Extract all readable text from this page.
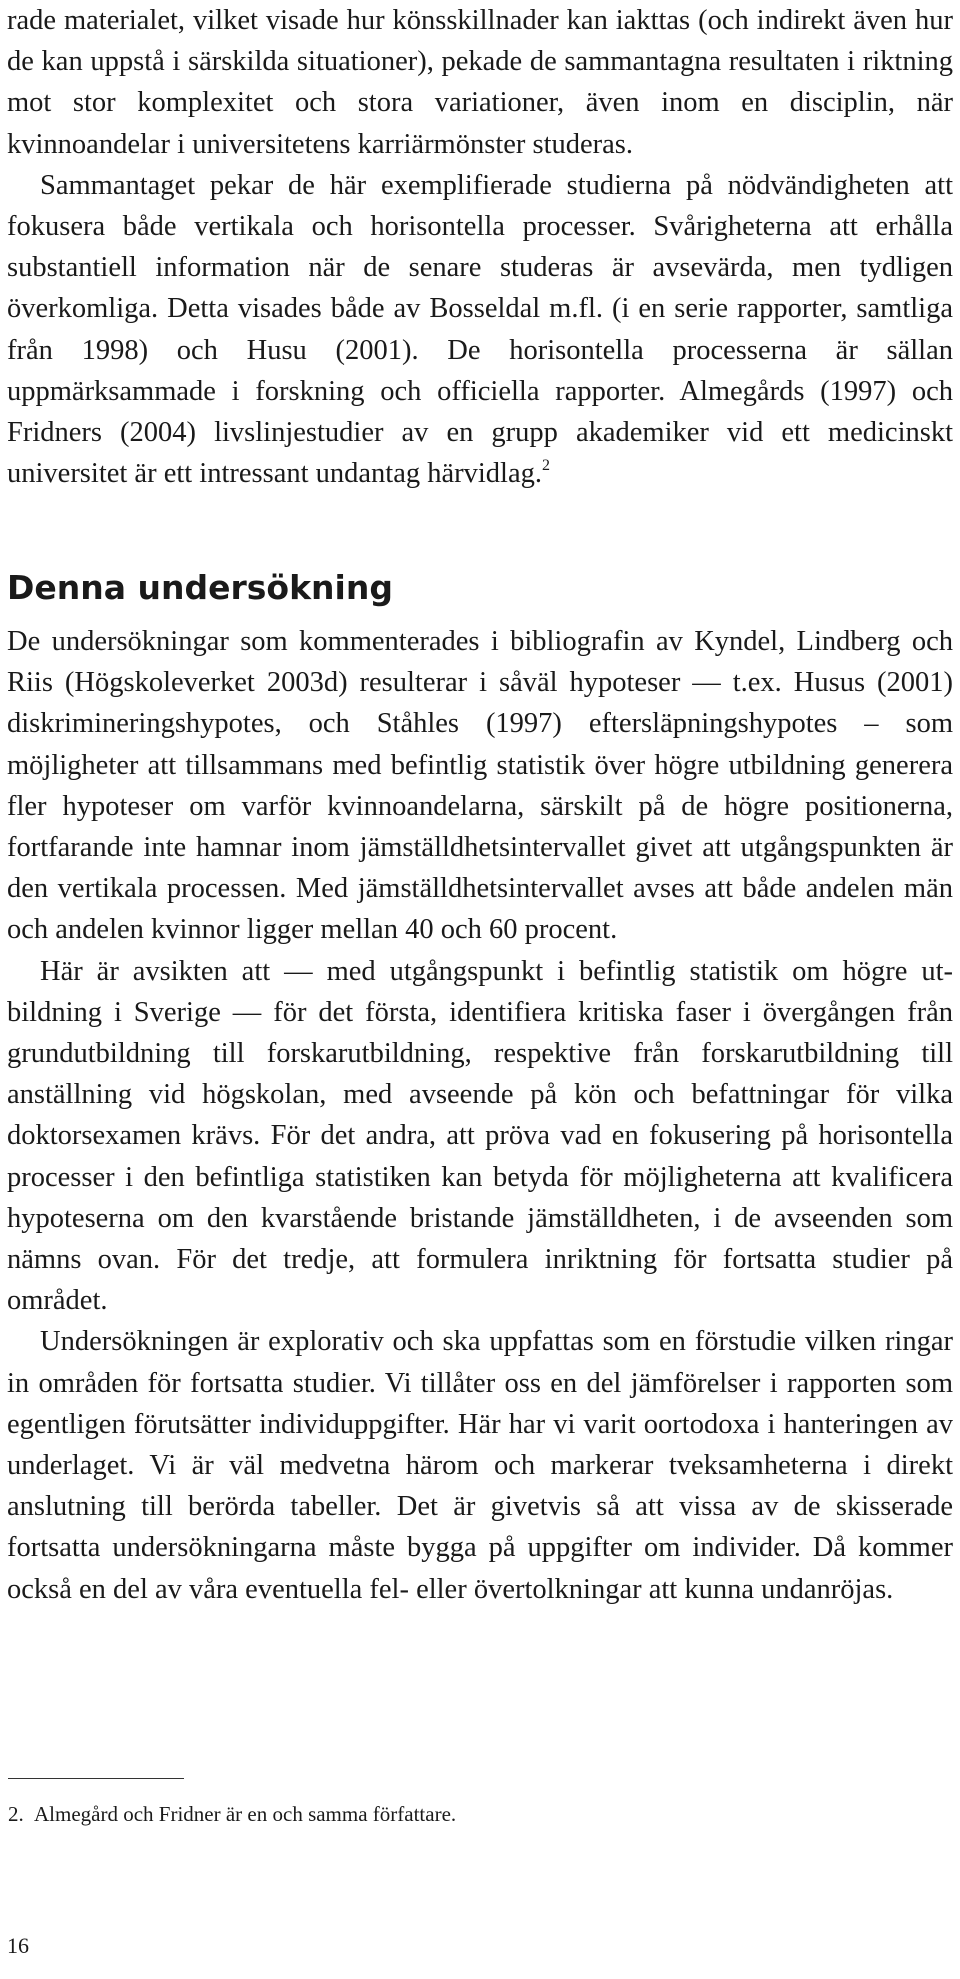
rade materialet, vilket visade hur könsskillnader kan iakttas (och indirekt även hur de kan uppstå i särskilda situationer), pekade de sammantagna resultaten i riktning mot stor komplexitet och stora variationer, även inom en disciplin, när kvinnoandelar i universitetens karriärmönster studeras.

Sammantaget pekar de här exemplifierade studierna på nödvändigheten att fokusera både vertikala och horisontella processer. Svårigheterna att erhålla substantiell information när de senare studeras är avsevärda, men tydligen överkomliga. Detta visades både av Bosseldal m.fl. (i en serie rapporter, samtliga från 1998) och Husu (2001). De horisontella processerna är sällan uppmärksammade i forskning och officiella rapporter. Almegårds (1997) och Fridners (2004) livslinjestudier av en grupp akademiker vid ett medicinskt universitet är ett intressant undantag härvidlag.$^2$

Denna undersökning

De undersökningar som kommenterades i bibliografin av Kyndel, Lindberg och Riis (Högskoleverket 2003d) resulterar i såväl hypoteser — t.ex. Husus (2001) diskrimineringshypotes, och Ståhles (1997) eftersläpningshypotes – som möjligheter att tillsammans med befintlig statistik över högre utbildning generera fler hypoteser om varför kvinnoandelarna, särskilt på de högre positionerna, fortfarande inte hamnar inom jämställdhetsintervallet givet att utgångspunkten är den vertikala processen. Med jämställdhetsintervallet avses att både andelen män och andelen kvinnor ligger mellan 40 och 60 procent.

Här är avsikten att — med utgångspunkt i befintlig statistik om högre utbildning i Sverige — för det första, identifiera kritiska faser i övergången från grundutbildning till forskarutbildning, respektive från forskarutbildning till anställning vid högskolan, med avseende på kön och befattningar för vilka doktorsexamen krävs. För det andra, att pröva vad en fokusering på horisontella processer i den befintliga statistiken kan betyda för möjligheterna att kvalificera hypoteserna om den kvarstående bristande jämställdheten, i de avseenden som nämns ovan. För det tredje, att formulera inriktning för fortsatta studier på området.

Undersökningen är explorativ och ska uppfattas som en förstudie vilken ringar in områden för fortsatta studier. Vi tillåter oss en del jämförelser i rapporten som egentligen förutsätter individuppgifter. Här har vi varit oortodoxa i hanteringen av underlaget. Vi är väl medvetna härom och markerar tveksamheterna i direkt anslutning till berörda tabeller. Det är givetvis så att vissa av de skisserade fortsatta undersökningarna måste bygga på uppgifter om individer. Då kommer också en del av våra eventuella fel- eller övertolkningar att kunna undanröjas.

2. Almegård och Fridner är en och samma författare.

16
